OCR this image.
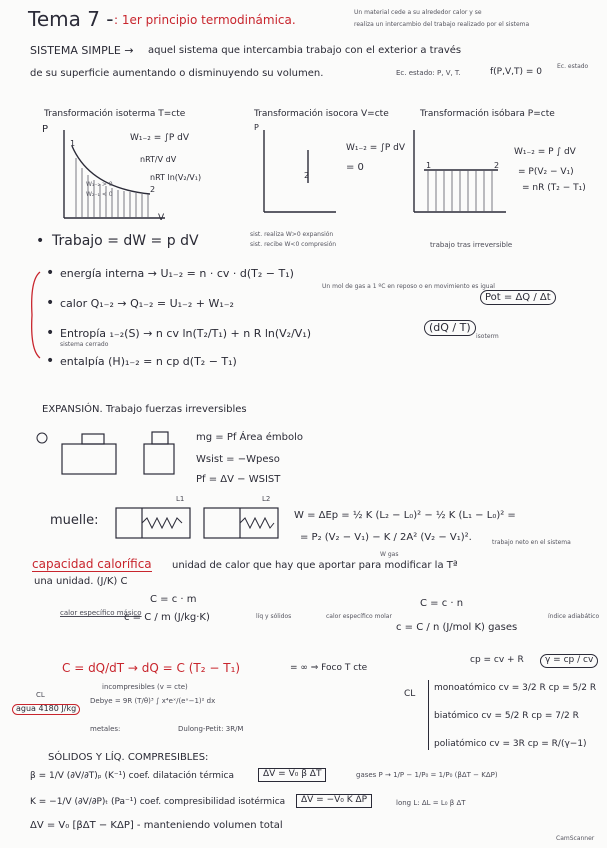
Tema 7 - : 1er principio termodinámica.
Un material cede a su alrededor calor y se
realiza un intercambio del trabajo realizado por el sistema
SISTEMA SIMPLE → aquel sistema que intercambia trabajo con el exterior a través
de su superficie aumentando o disminuyendo su volumen.	Ec. estado: P, V, T.	f(P,V,T) = 0
Ec. estado
Transformación isoterma T=cte	Transformación isocora V=cte	Transformación isóbara P=cte
P
V
1
2
W₁₋₂ > 0
W₂₋₁ < 0
W₁₋₂ = ∫P dV
nRT/V dV
nRT ln(V₂/V₁)
P
2
W₁₋₂ = ∫P dV
= 0	1	2
W₁₋₂ = P ∫ dV
= P(V₂ − V₁)
= nR (T₂ − T₁)
• Trabajo = dW = p dV	sist. realiza W>0 expansión
sist. recibe W<0 compresión	trabajo tras irreversible
• energía interna → U₁₋₂ = n · cv · d(T₂ − T₁)
Un mol de gas a 1 ºC en reposo o en movimiento es igual
• calor Q₁₋₂ → Q₁₋₂ = U₁₋₂ + W₁₋₂	Pot = ΔQ / Δt
• Entropía ₁₋₂(S) → n cv ln(T₂/T₁) + n R ln(V₂/V₁)
sistema cerrado
(dQ / T)
isoterm
• entalpía (H)₁₋₂ = n cp d(T₂ − T₁)
EXPANSIÓN. Trabajo fuerzas irreversibles
mg = Pf Área émbolo
Wsist = −Wpeso
Pf = ΔV − WSIST
muelle:
L1	L2
W = ΔEp = ½ K (L₂ − L₀)² − ½ K (L₁ − L₀)² =
= P₂ (V₂ − V₁) − K / 2A² (V₂ − V₁)².
W gas
trabajo neto en el sistema
capacidad calorífica unidad de calor que hay que aportar para modificar la Tª
una unidad. (J/K) C
C = c · m
calor específico másico
c = C / m (J/kg·K)	líq y sólidos	calor específico molar
C = c · n
c = C / n (J/mol K) gases
índice adiabático
γ = cp / cv
cp = cv + R
C = dQ/dT → dQ = C (T₂ − T₁)	= ∞ ⇒ Foco T cte
incompresibles (v = cte)
agua 4180 J/kg
CL
Debye = 9R (T/θ)³ ∫ x⁴eˣ/(eˣ−1)² dx
metales:	Dulong-Petit: 3R/M
CL
monoatómico cv = 3/2 R cp = 5/2 R
biatómico cv = 5/2 R cp = 7/2 R
poliatómico cv = 3R cp = R/(γ−1)
SÓLIDOS Y LÍQ. COMPRESIBLES:
β = 1/V (∂V/∂T)ₚ (K⁻¹) coef. dilatación térmica	ΔV = V₀ β ΔT	gases P → 1/P − 1/P₀ = 1/P₀ (βΔT − KΔP)
K = −1/V (∂V/∂P)ₜ (Pa⁻¹) coef. compresibilidad isotérmica	ΔV = −V₀ K ΔP	long L: ΔL = L₀ β ΔT
ΔV = V₀ [βΔT − KΔP] - manteniendo volumen total
CamScanner
